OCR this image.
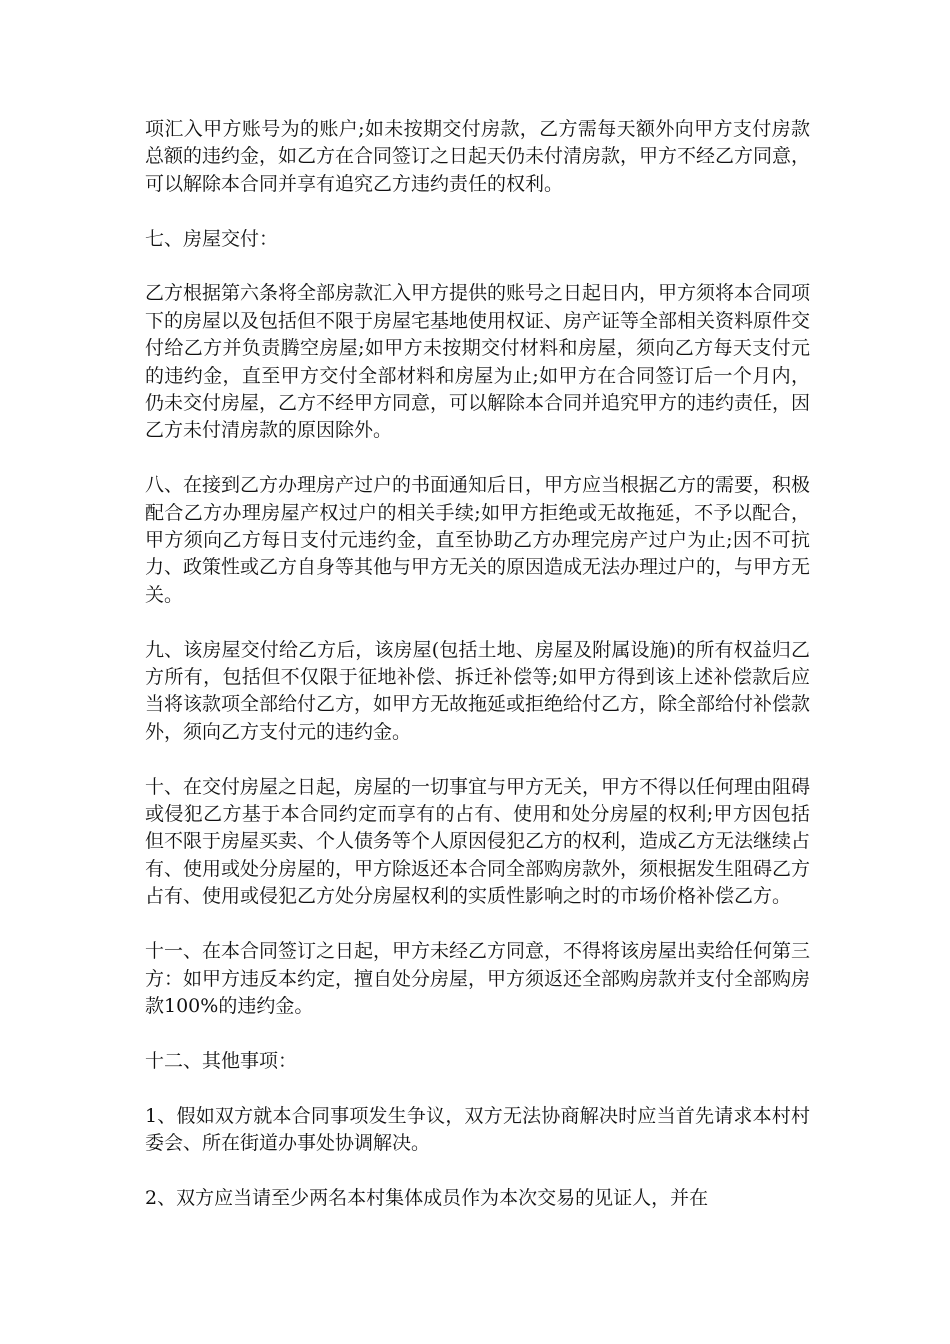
项汇入甲方账号为的账户;如未按期交付房款，乙方需每天额外向甲方支付房款总额的违约金，如乙方在合同签订之日起天仍未付清房款，甲方不经乙方同意，可以解除本合同并享有追究乙方违约责任的权利。

七、房屋交付：

乙方根据第六条将全部房款汇入甲方提供的账号之日起日内，甲方须将本合同项下的房屋以及包括但不限于房屋宅基地使用权证、房产证等全部相关资料原件交付给乙方并负责腾空房屋;如甲方未按期交付材料和房屋，须向乙方每天支付元的违约金，直至甲方交付全部材料和房屋为止;如甲方在合同签订后一个月内，仍未交付房屋，乙方不经甲方同意，可以解除本合同并追究甲方的违约责任，因乙方未付清房款的原因除外。

八、在接到乙方办理房产过户的书面通知后日，甲方应当根据乙方的需要，积极配合乙方办理房屋产权过户的相关手续;如甲方拒绝或无故拖延，不予以配合，甲方须向乙方每日支付元违约金，直至协助乙方办理完房产过户为止;因不可抗力、政策性或乙方自身等其他与甲方无关的原因造成无法办理过户的，与甲方无关。

九、该房屋交付给乙方后，该房屋(包括土地、房屋及附属设施)的所有权益归乙方所有，包括但不仅限于征地补偿、拆迁补偿等;如甲方得到该上述补偿款后应当将该款项全部给付乙方，如甲方无故拖延或拒绝给付乙方，除全部给付补偿款外，须向乙方支付元的违约金。

十、在交付房屋之日起，房屋的一切事宜与甲方无关，甲方不得以任何理由阻碍或侵犯乙方基于本合同约定而享有的占有、使用和处分房屋的权利;甲方因包括但不限于房屋买卖、个人债务等个人原因侵犯乙方的权利，造成乙方无法继续占有、使用或处分房屋的，甲方除返还本合同全部购房款外，须根据发生阻碍乙方占有、使用或侵犯乙方处分房屋权利的实质性影响之时的市场价格补偿乙方。

十一、在本合同签订之日起，甲方未经乙方同意，不得将该房屋出卖给任何第三方：如甲方违反本约定，擅自处分房屋，甲方须返还全部购房款并支付全部购房款100%的违约金。

十二、其他事项：

1、假如双方就本合同事项发生争议，双方无法协商解决时应当首先请求本村村委会、所在街道办事处协调解决。

2、双方应当请至少两名本村集体成员作为本次交易的见证人，并在
